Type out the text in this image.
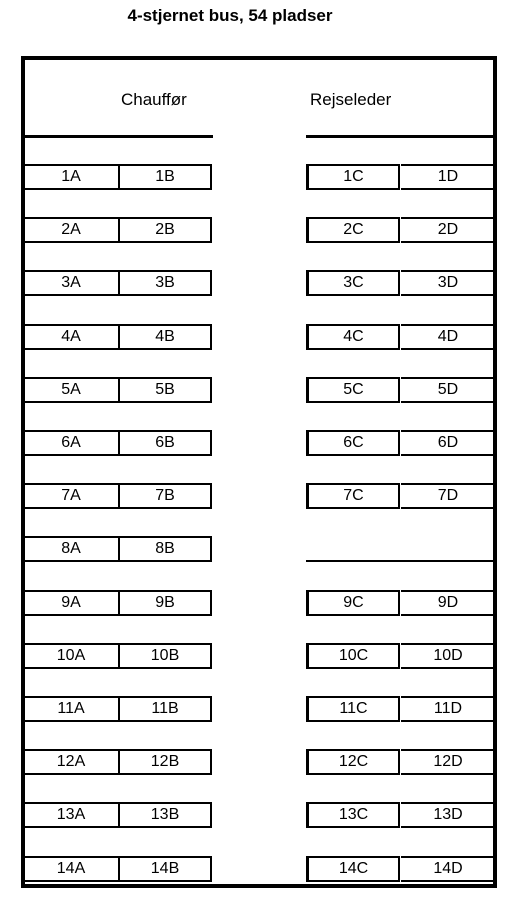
4-stjernet bus, 54 pladser
Chauffør	Rejseleder
1A	1B	1C	1D
2A	2B	2C	2D
3A	3B	3C	3D
4A	4B	4C	4D
5A	5B	5C	5D
6A	6B	6C	6D
7A	7B	7C	7D
8A	8B
9A	9B	9C	9D
10A	10B	10C	10D
11A	11B	11C	11D
12A	12B	12C	12D
13A	13B	13C	13D
14A	14B	14C	14D
